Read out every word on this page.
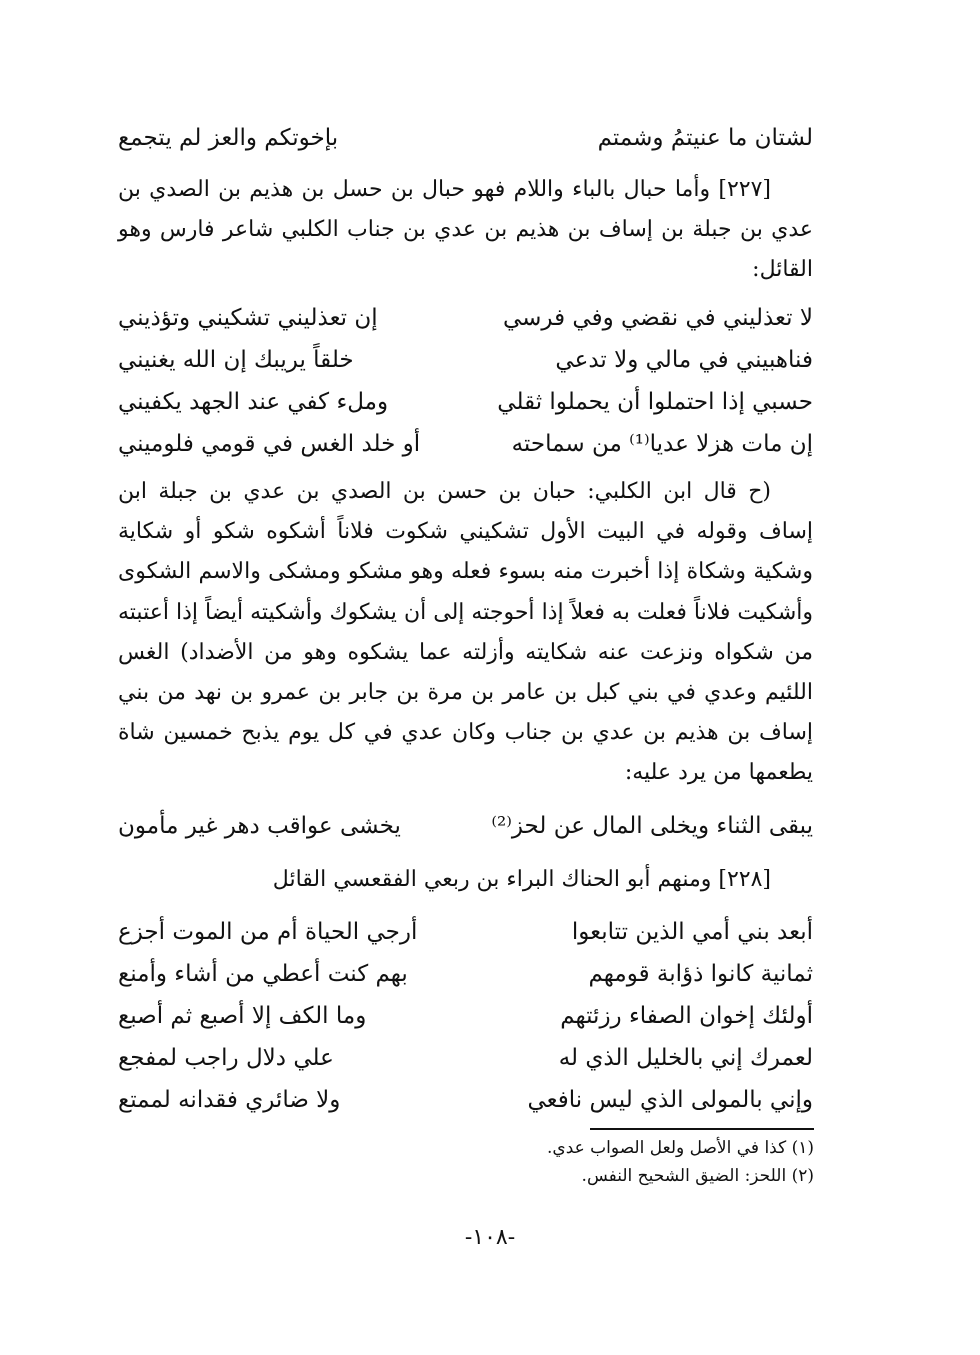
لشتان ما عنيتمُ وشمتم
بإخوتكم والعز لم يتجمع

[٢٢٧] وأما حبال بالباء واللام فهو حبال بن حسل بن هذيم بن الصدي بن عدي بن جبلة بن إساف بن هذيم بن عدي بن جناب الكلبي شاعر فارس وهو القائل:

لا تعذليني في نقضي وفي فرسي
إن تعذليني تشكيني وتؤذيني
فناهبيني في مالي ولا تدعي
خلقاً يريبك إن الله يغنيني
حسبي إذا احتملوا أن يحملوا ثقلي
وملء كفي عند الجهد يكفيني
إن مات هزلا عديا⁽¹⁾ من سماحته
أو خلد الغس في قومي فلوميني

(ح قال ابن الكلبي: حبان بن حسن بن الصدي بن عدي بن جبلة ابن إساف وقوله في البيت الأول تشكيني شكوت فلاناً أشكوه شكو أو شكاية وشكية وشكاة إذا أخبرت منه بسوء فعله وهو مشكو ومشكى والاسم الشكوى وأشكيت فلاناً فعلت به فعلاً إذا أحوجته إلى أن يشكوك وأشكيته أيضاً إذا أعتبته من شكواه ونزعت عنه شكايته وأزلته عما يشكوه وهو من الأضداد) الغس اللئيم وعدي في بني كبل بن عامر بن مرة بن جابر بن عمرو بن نهد من بني إساف بن هذيم بن عدي بن جناب وكان عدي في كل يوم يذبح خمسين شاة يطعمها من يرد عليه:

يبقى الثناء ويخلى المال عن لحز⁽²⁾
يخشى عواقب دهر غير مأمون

[٢٢٨] ومنهم أبو الحناك البراء بن ربعي الفقعسي القائل

أبعد بني أمي الذين تتابعوا
أرجي الحياة أم من الموت أجزع
ثمانية كانوا ذؤابة قومهم
بهم كنت أعطي من أشاء وأمنع
أولئك إخوان الصفاء رزئتهم
وما الكف إلا أصبع ثم أصبع
لعمرك إني بالخليل الذي له
علي دلال راجب لمفجع
وإني بالمولى الذي ليس نافعي
ولا ضائري فقدانه لممتع

(١) كذا في الأصل ولعل الصواب عدي.

(٢) اللحز: الضيق الشحيح النفس.

-١٠٨-
